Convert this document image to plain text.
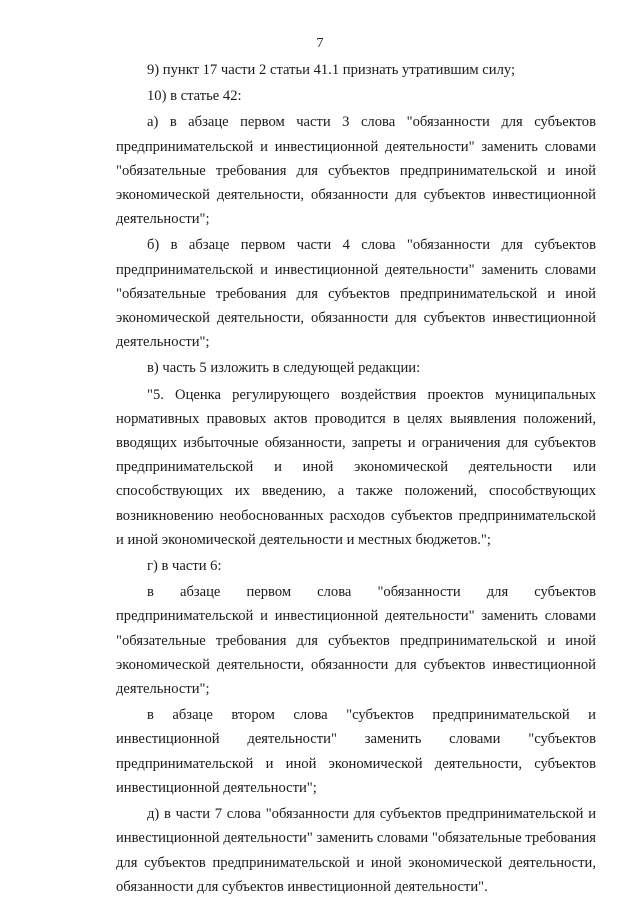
7

9) пункт 17 части 2 статьи 41.1 признать утратившим силу;

10) в статье 42:

а) в абзаце первом части 3 слова "обязанности для субъектов предпринимательской и инвестиционной деятельности" заменить словами "обязательные требования для субъектов предпринимательской и иной экономической деятельности, обязанности для субъектов инвестиционной деятельности";

б) в абзаце первом части 4 слова "обязанности для субъектов предпринимательской и инвестиционной деятельности" заменить словами "обязательные требования для субъектов предпринимательской и иной экономической деятельности, обязанности для субъектов инвестиционной деятельности";

в) часть 5 изложить в следующей редакции:

"5. Оценка регулирующего воздействия проектов муниципальных нормативных правовых актов проводится в целях выявления положений, вводящих избыточные обязанности, запреты и ограничения для субъектов предпринимательской и иной экономической деятельности или способствующих их введению, а также положений, способствующих возникновению необоснованных расходов субъектов предпринимательской и иной экономической деятельности и местных бюджетов.";

г) в части 6:

в абзаце первом слова "обязанности для субъектов предпринимательской и инвестиционной деятельности" заменить словами "обязательные требования для субъектов предпринимательской и иной экономической деятельности, обязанности для субъектов инвестиционной деятельности";

в абзаце втором слова "субъектов предпринимательской и инвестиционной деятельности" заменить словами "субъектов предпринимательской и иной экономической деятельности, субъектов инвестиционной деятельности";

д) в части 7 слова "обязанности для субъектов предпринимательской и инвестиционной деятельности" заменить словами "обязательные требования для субъектов предпринимательской и иной экономической деятельности, обязанности для субъектов инвестиционной деятельности".
